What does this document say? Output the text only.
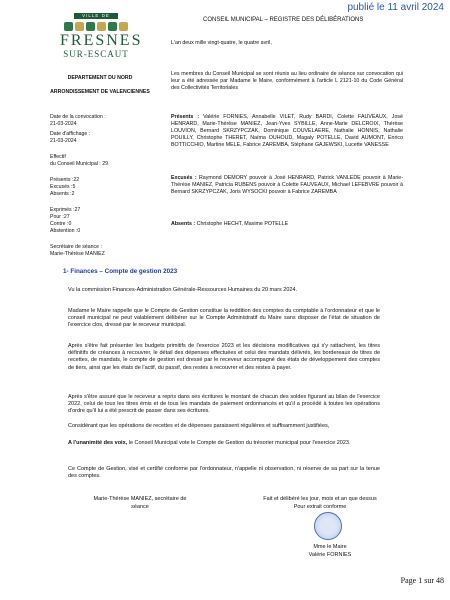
publié le 11 avril 2024
VILLE DE
FRESNES
SUR-ESCAUT
DEPARTEMENT DU NORD
ARRONDISSEMENT DE VALENCIENNES
Date de la convocation :
21-03-2024
Date d'affichage :
21-03-2024
Effectif
du Conseil Municipal : 29
Présents :22
Excusés :5
Absents :2
Exprimés :27
Pour :27
Contre :0
Abstention :0
Secrétaire de séance :
Marie-Thérèse MANIEZ
CONSEIL MUNICIPAL – REGISTRE DES DÉLIBÉRATIONS
L'an deux mille vingt-quatre, le quatre avril,
Les membres du Conseil Municipal se sont réunis au lieu ordinaire de séance sur convocation qui leur a été adressée par Madame le Maire, conformément à l'article L 2121-10 du Code Général des Collectivités Territoriales
Présents : Valérie FORNIES, Annabelle VILET, Rudy BARDI, Colette FAUVEAUX, José HENRARD, Marie-Thérèse MANIEZ, Jean-Yves SYBILLE, Anne-Marie DELCROIX, Thérèse LOUVION, Bernard SKRZYPCZAK, Dominique COUVELAERE, Nathalie HONNIS, Nathalie POUILLY, Christophe THERET, Naïma OUHOUD, Magaly POTELLE, David AUMONT, Enrico BOTTICCHIO, Martine MELE, Fabrice ZAREMBA, Stéphane GAJEWSKI, Lucette VANESSE
Excusés : Raymond DEMORY pouvoir à José HENRARD, Patrick VANLEDE pouvoir à Marie-Thérèse MANIEZ, Patricia RUBENS pouvoir à Colette FAUVEAUX, Michael LEFEBVRE pouvoir à Bernard SKRZYPCZAK, Joris WYSOCKI pouvoir à Fabrice ZAREMBA
Absents : Christophe HECHT, Maxime POTELLE
1- Finances – Compte de gestion 2023
Vu la commission Finances-Administration Générale-Ressources Humaines du 20 mars 2024.
Madame le Maire rappelle que le Compte de Gestion constitue la reddition des comptes du comptable à l'ordonnateur et que le conseil municipal ne peut valablement délibérer sur le Compte Administratif du Maire sans disposer de l'état de situation de l'exercice clos, dressé par le receveur municipal.
Après s'être fait présenter les budgets primitifs de l'exercice 2023 et les décisions modificatives qui s'y rattachent, les titres définitifs de créances à recouvrer, le détail des dépenses effectuées et celui des mandats délivrés, les bordereaux de titres de recettes, de mandats, le compte de gestion est dressé par le receveur accompagné des états de développement des comptes de tiers, ainsi que les états de l'actif, du passif, des restes à recouvrer et des restes à payer.
Après s'être assuré que le receveur a repris dans ses écritures le montant de chacun des soldes figurant au bilan de l'exercice 2022, celui de tous les titres émis et de tous les mandats de paiement ordonnancés et qu'il a procédé à toutes les opérations d'ordre qu'il lui a été prescrit de passer dans ses écritures.
Considérant que les opérations de recettes et de dépenses paraissent régulières et suffisamment justifiées,
A l'unanimité des voix, le Conseil Municipal vote le Compte de Gestion du trésorier municipal pour l'exercice 2023.
Ce Compte de Gestion, visé et certifié conforme par l'ordonnateur, n'appelle ni observation, ni réserve de sa part sur la tenue des comptes.
Marie-Thérèse MANIEZ, secrétaire de
séance
Fait et délibéré les jour, mois et an que dessus
Pour extrait conforme
Mme le Maire
Valérie FORNIES
Page 1 sur 48
